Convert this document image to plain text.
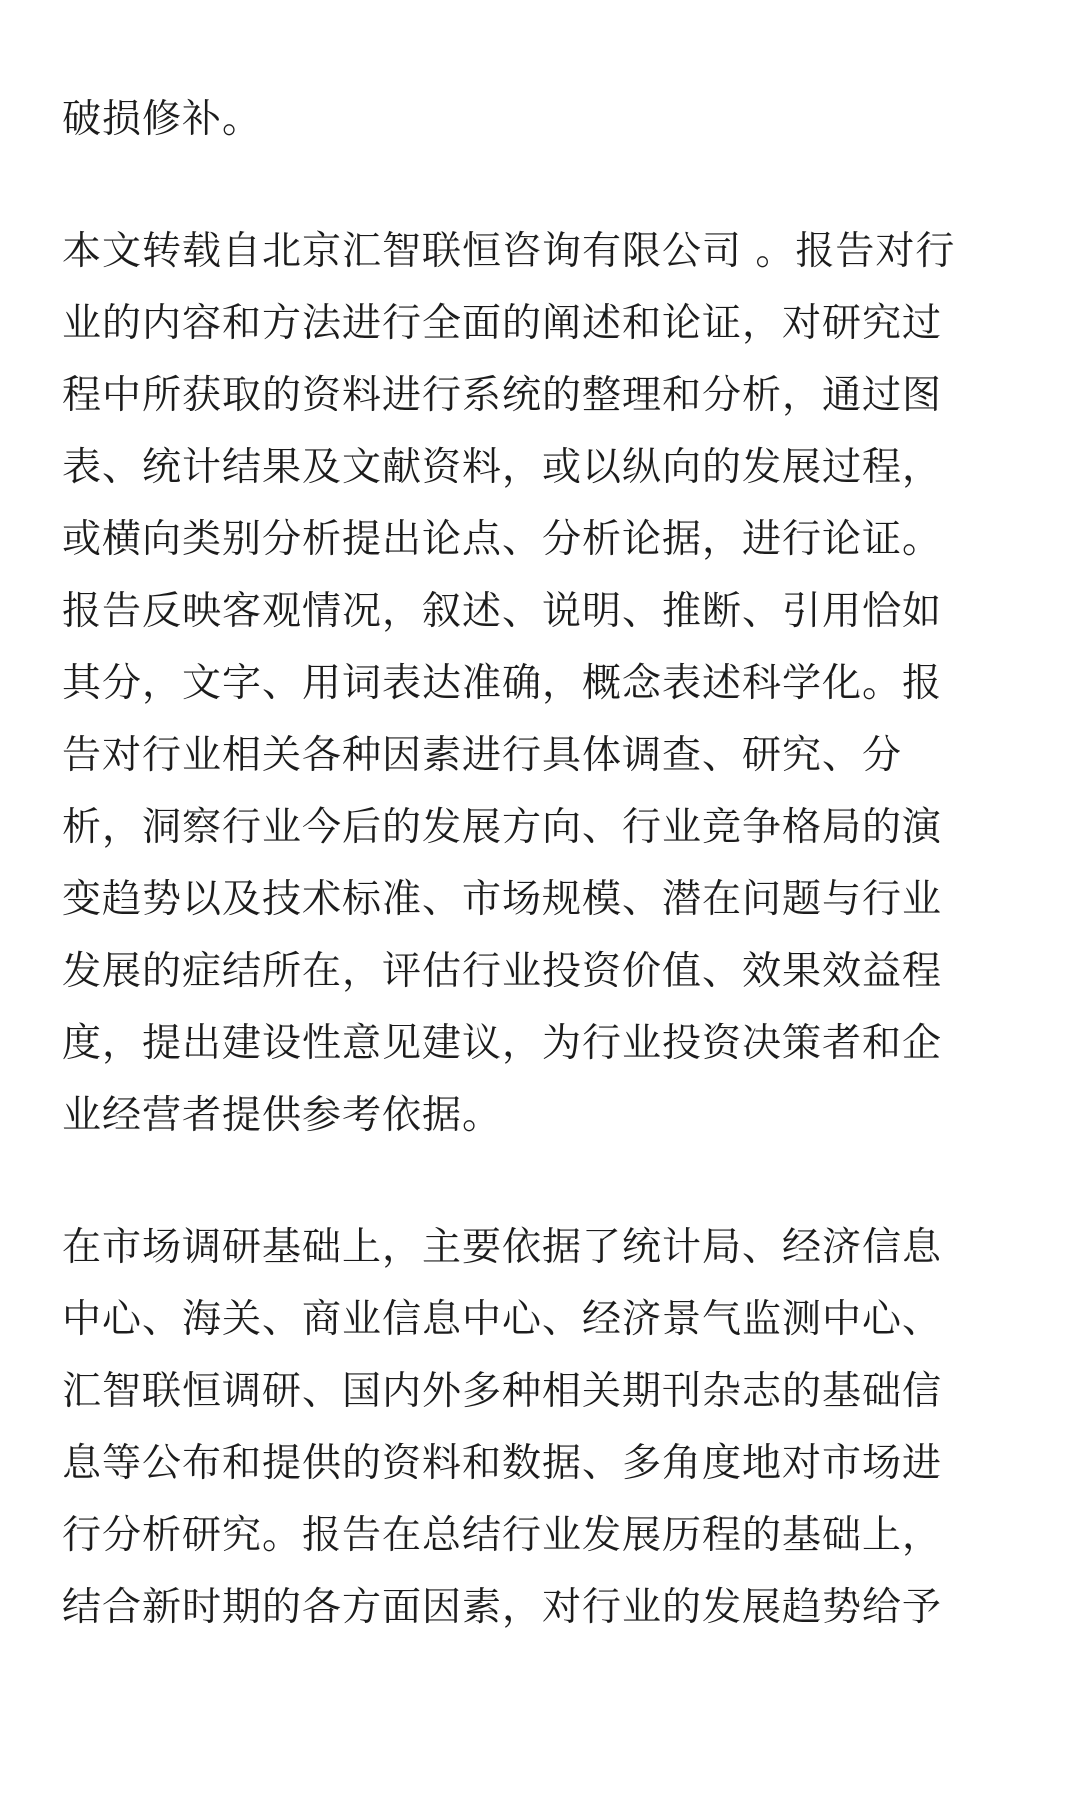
破损修补。

本文转载自北京汇智联恒咨询有限公司 。报告对行
业的内容和方法进行全面的阐述和论证，对研究过
程中所获取的资料进行系统的整理和分析，通过图
表、统计结果及文献资料，或以纵向的发展过程，
或横向类别分析提出论点、分析论据，进行论证。
报告反映客观情况，叙述、说明、推断、引用恰如
其分，文字、用词表达准确，概念表述科学化。报
告对行业相关各种因素进行具体调查、研究、分
析，洞察行业今后的发展方向、行业竞争格局的演
变趋势以及技术标准、市场规模、潜在问题与行业
发展的症结所在，评估行业投资价值、效果效益程
度，提出建设性意见建议，为行业投资决策者和企
业经营者提供参考依据。

在市场调研基础上，主要依据了统计局、经济信息
中心、海关、商业信息中心、经济景气监测中心、
汇智联恒调研、国内外多种相关期刊杂志的基础信
息等公布和提供的资料和数据、多角度地对市场进
行分析研究。报告在总结行业发展历程的基础上，
结合新时期的各方面因素，对行业的发展趋势给予
